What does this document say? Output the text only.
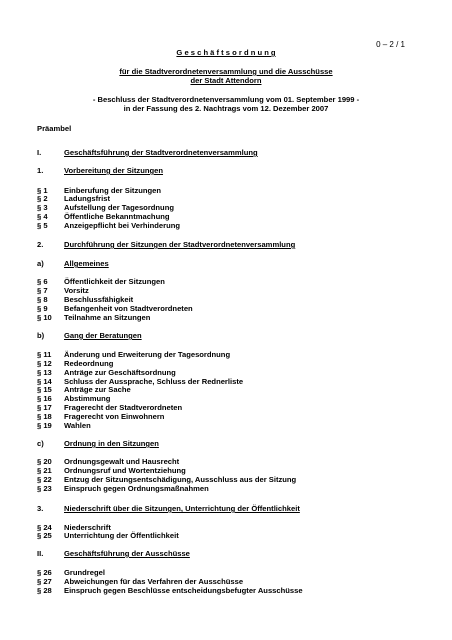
0 – 2 / 1
G e s c h ä f t s o r d n u n g
für die Stadtverordnetenversammlung und die Ausschüsse
der Stadt Attendorn
- Beschluss der Stadtverordnetenversammlung vom 01. September 1999 -
in der Fassung des 2. Nachtrags vom 12. Dezember 2007
Präambel
I.	Geschäftsführung der Stadtverordnetenversammlung
1.	Vorbereitung der Sitzungen
§ 1 Einberufung der Sitzungen
§ 2 Ladungsfrist
§ 3 Aufstellung der Tagesordnung
§ 4 Öffentliche Bekanntmachung
§ 5 Anzeigepflicht bei Verhinderung
2.	Durchführung der Sitzungen der Stadtverordnetenversammlung
a)	Allgemeines
§ 6 Öffentlichkeit der Sitzungen
§ 7 Vorsitz
§ 8 Beschlussfähigkeit
§ 9 Befangenheit von Stadtverordneten
§ 10 Teilnahme an Sitzungen
b)	Gang der Beratungen
§ 11 Änderung und Erweiterung der Tagesordnung
§ 12 Redeordnung
§ 13 Anträge zur Geschäftsordnung
§ 14 Schluss der Aussprache, Schluss der Rednerliste
§ 15 Anträge zur Sache
§ 16 Abstimmung
§ 17 Fragerecht der Stadtverordneten
§ 18 Fragerecht von Einwohnern
§ 19 Wahlen
c)	Ordnung in den Sitzungen
§ 20 Ordnungsgewalt und Hausrecht
§ 21 Ordnungsruf und Wortentziehung
§ 22 Entzug der Sitzungsentschädigung, Ausschluss aus der Sitzung
§ 23 Einspruch gegen Ordnungsmaßnahmen
3.	Niederschrift über die Sitzungen, Unterrichtung der Öffentlichkeit
§ 24 Niederschrift
§ 25 Unterrichtung der Öffentlichkeit
II.	Geschäftsführung der Ausschüsse
§ 26 Grundregel
§ 27 Abweichungen für das Verfahren der Ausschüsse
§ 28 Einspruch gegen Beschlüsse entscheidungsbefugter Ausschüsse
